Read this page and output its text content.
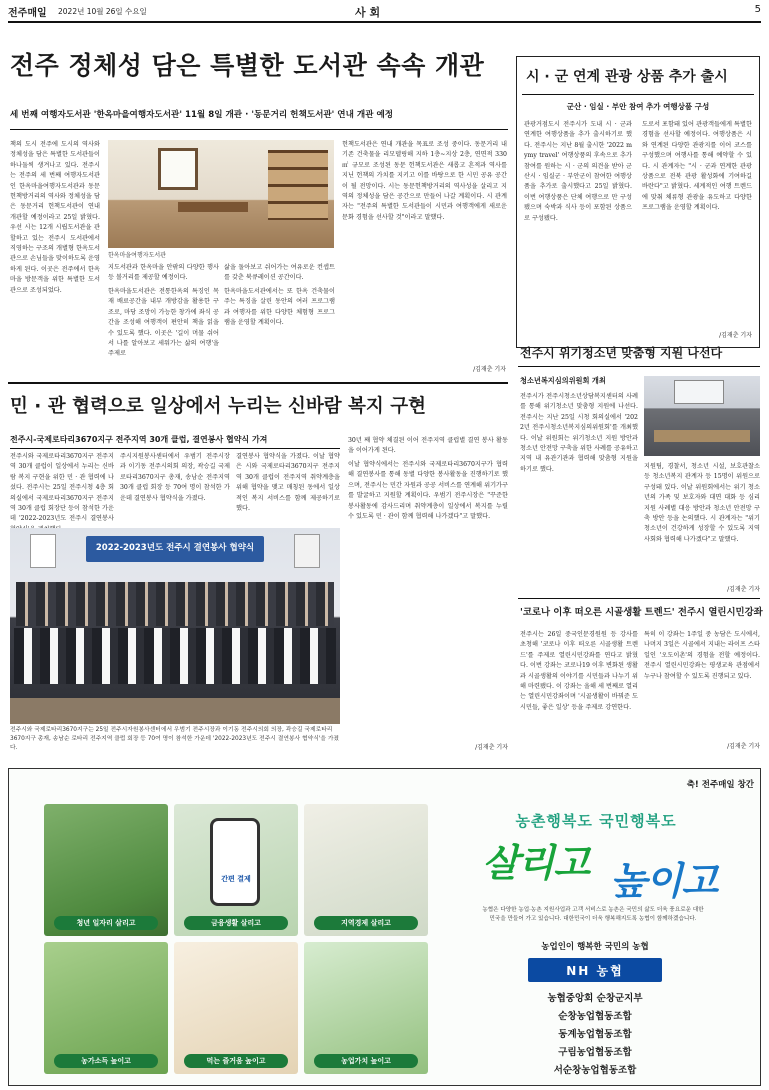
전주매일 2022년 10월 26일 수요일	사 회	5
전주 정체성 담은 특별한 도서관 속속 개관
세 번째 여행자도서관 '한옥마을여행자도서관' 11월 8일 개관 · '동문거리 헌책도서관' 연내 개관 예정
책의 도시 전주에 도시의 역사와 정체성을 담은 특별한 도서관들이 하나둘씩 생겨나고 있다. 전주시는 전주의 세 번째 여행자도서관인 한옥마을여행자도서관과 동문헌책방거리의 역사와 정체성을 담은 동문거리 헌책도서관이 연내 개관할 예정이라고 25일 밝혔다. 우선 시는 12개 시립도서관을 관할하고 있는 전주시 도서관에서 직영하는 구조의 개별형 한옥도서관으로 손님들을 맞이하도록 운영하게 된다. 이곳은 전주에서 한옥마을 방문객을 위한 특별한 도서관으로 조성되었다.
한옥마을여행자도서관
지도서관과 한옥마을 안팎의 다양한 행사 등 볼거리를 제공할 예정이다.
한옥마을도서관은 전통한옥의 특징인 목재 배료공간을 내부 개방감을 활용한 구조로, 마당 조망이 가능한 창가에 좌식 공간을 조성해 여행객이 편안히 책을 읽을 수 있도록 했다. 이곳은 '길이 머물 쉬어서 나를 알아보고 세워가는 삶의 여행'을 주제로
삶을 돌아보고 쉬어가는 여유로운 컨셉트를 갖춘 북큐레이션 공간이다.
한옥마을도서관에서는 또 한옥 건축물이 주는 특징을 살린 동안의 여러 프로그램과 여행자를 위한 다양한 체험형 프로그램을 운영할 계획이다.
헌책도서관은 연내 개관을 목표로 조성 중이다. 동문거리 내 기존 건축물을 리모델링해 지하 1층~지상 2층, 연면적 330㎡ 규모로 조성된 동문 헌책도서관은 새롭고 흔적과 역사를 지닌 헌책의 가치를 지키고 이를 바탕으로 한 시민 공유 공간이 될 전망이다. 시는 동문헌책방거리의 역사성을 살리고 지역의 정체성을 담은 공간으로 만들어 나갈 계획이다. 시 관계자는 "전주의 특별한 도서관들이 시민과 여행객에게 새로운 문화 경험을 선사할 것"이라고 말했다.
/김재춘 기자
시 · 군 연계 관광 상품 추가 출시
군산 · 임실 · 부안 참여 추가 여행상품 구성
관광거점도시 전주시가 도내 시 · 군과 연계한 여행상품을 추가 출시하기로 했다. 전주시는 지난 8월 출시한 '2022 mymy travel' 여행상품의 후속으로 추가 참여를 원하는 시 · 군의 의견을 받아 군산시 · 임실군 · 부안군이 참여한 여행상품을 추가로 출시했다고 25일 밝혔다. 이번 여행상품은 단체 여행으로 만 구성됐으며 숙박과 식사 등이 포함된 상품으로 구성됐다.
도로서 포함돼 있어 관광객들에게 특별한 경험을 선사할 예정이다. 여행상품은 시와 연계된 다양한 관광지를 이어 코스를 구성했으며 여행사를 통해 예약할 수 있다. 시 관계자는 "시 · 군과 연계한 관광 상품으로 전북 관광 활성화에 기여하길 바란다"고 밝혔다. 세계적인 여행 트렌드에 맞춰 체류형 관광을 유도하고 다양한 프로그램을 운영할 계획이다.
/김재춘 기자
전주시 위기청소년 맞춤형 지원 나선다
청소년복지심의위원회 개최
전주시가 전주시청소년상담복지센터의 사례를 통해 위기청소년 맞춤형 지원에 나선다. 전주시는 지난 25일 시청 회의실에서 '2022년 전주시청소년복지심의위원회'를 개최했다. 이날 위원회는 위기청소년 지원 방안과 청소년 안전망 구축을 위한 사례를 공유하고 지역 내 유관기관과 협력해 맞춤형 지원을 하기로 했다.	지원팀, 경찰서, 청소년 시설, 보호관찰소 등 청소년복지 관계자 등 15명이 위원으로 구성돼 있다. 이날 위원회에서는 위기 청소년의 가족 및 보호자와 대면 대화 등 심리 지원 사례별 대응 방안과 청소년 안전망 구축 방안 등을 논의했다. 시 관계자는 "위기 청소년이 건강하게 성장할 수 있도록 지역사회와 협력해 나가겠다"고 말했다.
/김재춘 기자
'코로나 이후 떠오른 시골생활 트렌드' 전주시 열린시민강좌
전주시는 26일 중국인문경원원 등 강사를 초청해 '코로나 이후 떠오른 시골생활 트렌드'를 주제로 열린시민강좌를 연다고 밝혔다. 이번 강좌는 코로나19 이후 변화된 생활과 시골생활의 이야기를 시민들과 나누기 위해 마련됐다. 이 강좌는 올해 세 번째로 열리는 열린시민강좌이며 '시골생활이 바꿔준 도시민들, 좋은 일상' 등을 주제로 강연한다.
특히 이 강좌는 1주일 중 농담은 도시에서, 나머지 3일은 시골에서 지내는 라이프 스타일인 '오도이촌'의 경험을 전할 예정이다. 전주시 열린시민강좌는 평생교육 관점에서 누구나 참여할 수 있도록 진행되고 있다.
/김재춘 기자
민 · 관 협력으로 일상에서 누리는 신바람 복지 구현
전주시-국제로타리3670지구 전주지역 30개 클럽, 결연봉사 협약식 가져
전주시와 국제로타리3670지구 전주지역 30개 클럽이 일상에서 누리는 신바람 복지 구현을 위한 민 · 관 협력에 나섰다. 전주시는 25일 전주시청 4층 회의실에서 국제로타리3670지구 전주지역 30개 클럽 회장단 등이 참석한 가운데 '2022-2023년도 전주시 결연봉사
주시지원봉사센터에서 우범기 전주시장과 이기동 전주시의회 의장, 곽승길 국제로타리3670지구 총재, 송남순 전주지역 30개 클럽 회장 등 70여 명이 참석한 가운데 결연봉사 협약식을 가졌다.
결연봉사 협약식을 가졌다. 이날 협약은 시와 국제로타리3670지구 전주지역 30개 클럽이 전주지역 취약계층을 위해 협약을 맺고 매칭된 동에서 일상적인 복지 서비스를 함께 제공하기로 했다.
2022-2023년도 전주시 결연봉사 협약식
전주시와 국제로타리3670지구는 25일 전주시자원봉사센터에서 우범기 전주시장과 이기동 전주시의회 의장, 곽승길 국제로타리3670지구 총재, 송남순 로타리 전주지역 클럽 회장 등 70여 명이 참석한 가운데 '2022-2023년도 전주시 결연봉사 협약식'을 가졌다.
30년 째 협약 체결된 이어 전주지역 클럽별 결연 봉사 활동을 이어가게 된다.
이날 협약식에서는 전주시와 국제로타리3670지구가 협력해 결연봉사를 통해 동별 다양한 봉사활동을 진행하기로 했으며, 전주시는 민간 자원과 공공 서비스를 연계해 위기가구를 발굴하고 지원할 계획이다. 우범기 전주시장은 "꾸준한 봉사활동에 감사드리며 취약계층이 일상에서 복지를 누릴 수 있도록 민 · 관이 함께 협력해 나가겠다"고 말했다.
/김재춘 기자
축! 전주매일 창간
청년 일자리 살리고
간편 결제
금융생활 살리고	지역경제 살리고
농가소득 높이고	먹는 즐거움 높이고	농업가치 높이고
농촌행복도 국민행복도
살리고 높이고
농협은 다양한 농업·농촌 지원사업과 고객 서비스로 농촌은 국민의 삶도 더욱 풍요로운 대한민국을 만들어 가고 있습니다. 대한민국이 더욱 행복해지도록 농협이 함께하겠습니다.
농업인이 행복한 국민의 농협
NH 농협
농협중앙회 순창군지부
순창농업협동조합
동계농업협동조합
구림농업협동조합
서순창농업협동조합
